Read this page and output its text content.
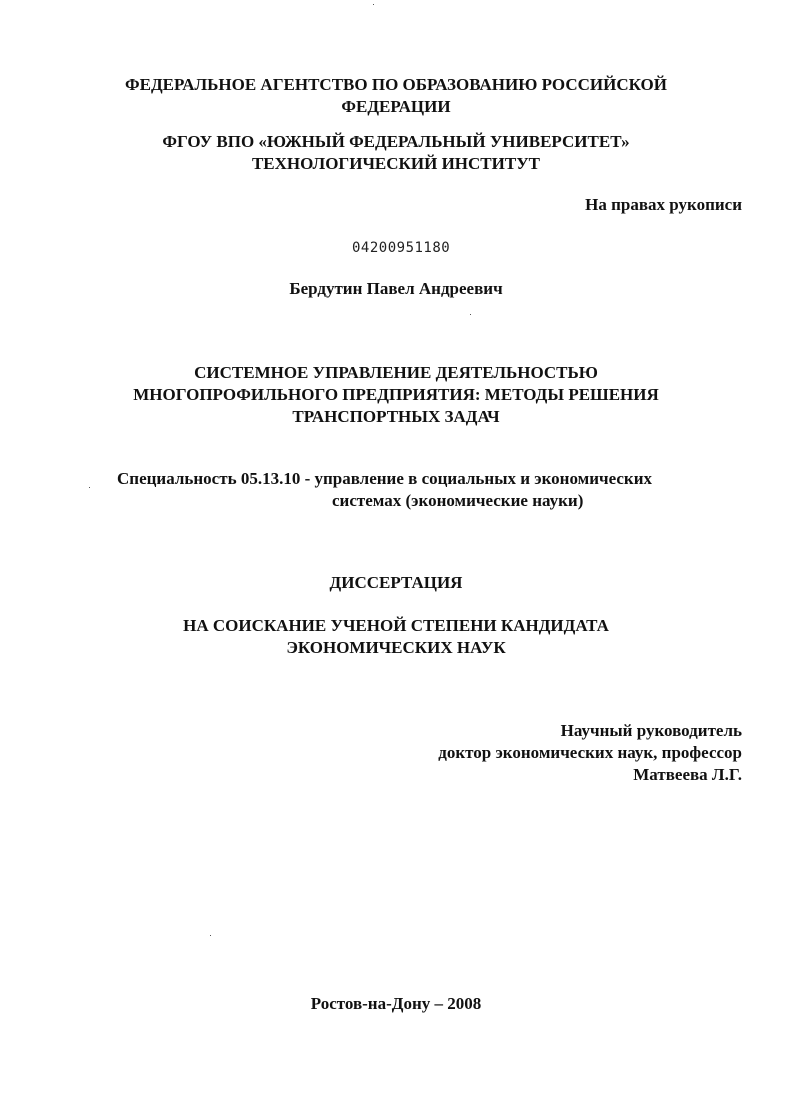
ФЕДЕРАЛЬНОЕ АГЕНТСТВО ПО ОБРАЗОВАНИЮ РОССИЙСКОЙ
ФЕДЕРАЦИИ
ФГОУ ВПО «ЮЖНЫЙ ФЕДЕРАЛЬНЫЙ УНИВЕРСИТЕТ»
ТЕХНОЛОГИЧЕСКИЙ ИНСТИТУТ
На правах рукописи
04200951180
Бердутин Павел Андреевич
СИСТЕМНОЕ УПРАВЛЕНИЕ ДЕЯТЕЛЬНОСТЬЮ
МНОГОПРОФИЛЬНОГО ПРЕДПРИЯТИЯ: МЕТОДЫ РЕШЕНИЯ
ТРАНСПОРТНЫХ ЗАДАЧ
Специальность 05.13.10 - управление в социальных и экономических
системах (экономические науки)
ДИССЕРТАЦИЯ
НА СОИСКАНИЕ УЧЕНОЙ СТЕПЕНИ КАНДИДАТА
ЭКОНОМИЧЕСКИХ НАУК
Научный руководитель
доктор экономических наук, профессор
Матвеева Л.Г.
Ростов-на-Дону – 2008
